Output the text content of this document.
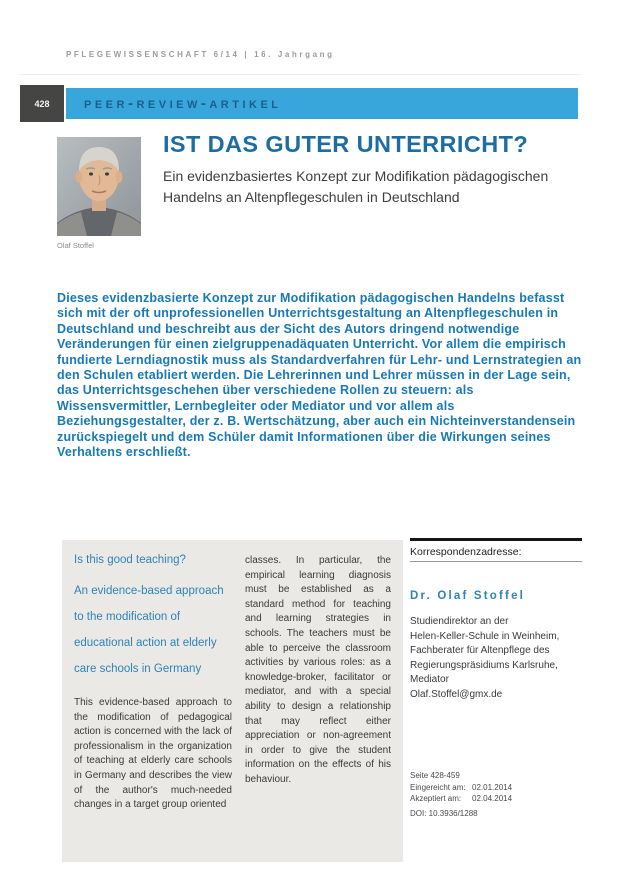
PFLEGEWISSENSCHAFT 6/14 | 16. Jahrgang
428	peer-review-artikel
Olaf Stoffel
IST DAS GUTER UNTERRICHT?
Ein evidenzbasiertes Konzept zur Modifikation pädagogischen Handelns an Altenpflegeschulen in Deutschland
Dieses evidenzbasierte Konzept zur Modifikation pädagogischen Handelns befasst sich mit der oft unprofessionellen Unterrichtsgestaltung an Altenpflegeschulen in Deutschland und beschreibt aus der Sicht des Autors dringend notwendige Veränderungen für einen zielgruppenadäquaten Unterricht. Vor allem die empirisch fundierte Lerndiagnostik muss als Standardverfahren für Lehr- und Lernstrategien an den Schulen etabliert werden. Die Lehrerinnen und Lehrer müssen in der Lage sein, das Unterrichtsgeschehen über verschiedene Rollen zu steuern: als Wissensvermittler, Lernbegleiter oder Mediator und vor allem als Beziehungsgestalter, der z. B. Wertschätzung, aber auch ein Nichteinverstandensein zurückspiegelt und dem Schüler damit Informationen über die Wirkungen seines Verhaltens erschließt.

Is this good teaching?

An evidence-based approach to the modification of educational action at elderly care schools in Germany

This evidence-based approach to the modification of pedagogical action is concerned with the lack of professionalism in the organization of teaching at elderly care schools in Germany and describes the view of the author's much-needed changes in a target group oriented

classes. In particular, the empirical learning diagnosis must be established as a standard method for teaching and learning strategies in schools. The teachers must be able to perceive the classroom activities by various roles: as a knowledge-broker, facilitator or mediator, and with a special ability to design a relationship that may reflect either appreciation or non-agreement in order to give the student information on the effects of his behaviour.

Korrespondenzadresse:
Dr. Olaf Stoffel
Studiendirektor an der
Helen-Keller-Schule in Weinheim,
Fachberater für Altenpflege des
Regierungspräsidiums Karlsruhe,
Mediator
Olaf.Stoffel@gmx.de
Seite 428-459
Eingereicht am: 02.01.2014
Akzeptiert am:	02.04.2014
DOI: 10.3936/1288
